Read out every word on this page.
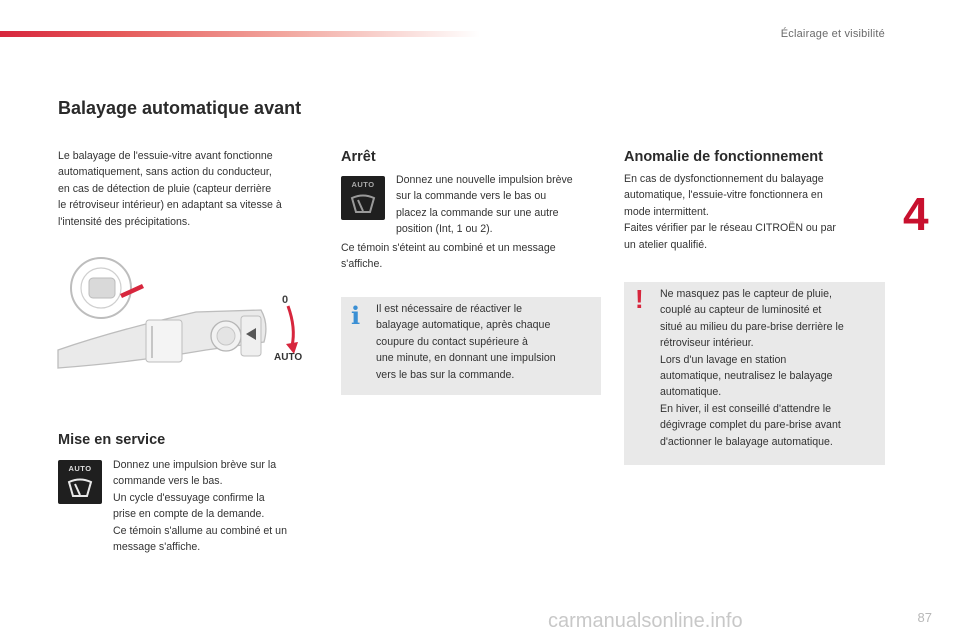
Éclairage et visibilité
4
Balayage automatique avant

Le balayage de l'essuie-vitre avant fonctionne
automatiquement, sans action du conducteur,
en cas de détection de pluie (capteur derrière
le rétroviseur intérieur) en adaptant sa vitesse à
l'intensité des précipitations.

0
AUTO
Mise en service
AUTO	Donnez une impulsion brève sur la
commande vers le bas.
Un cycle d'essuyage confirme la
prise en compte de la demande.
Ce témoin s'allume au combiné et un
message s'affiche.

Arrêt
AUTO	Donnez une nouvelle impulsion brève
sur la commande vers le bas ou
placez la commande sur une autre
position (Int, 1 ou 2).

Ce témoin s'éteint au combiné et un message
s'affiche.

i Il est nécessaire de réactiver le
balayage automatique, après chaque
coupure du contact supérieure à
une minute, en donnant une impulsion
vers le bas sur la commande.

Anomalie de fonctionnement

En cas de dysfonctionnement du balayage
automatique, l'essuie-vitre fonctionnera en
mode intermittent.
Faites vérifier par le réseau CITROËN ou par
un atelier qualifié.

! Ne masquez pas le capteur de pluie,
couplé au capteur de luminosité et
situé au milieu du pare-brise derrière le
rétroviseur intérieur.
Lors d'un lavage en station
automatique, neutralisez le balayage
automatique.
En hiver, il est conseillé d'attendre le
dégivrage complet du pare-brise avant
d'actionner le balayage automatique.

87
carmanualsonline.info
